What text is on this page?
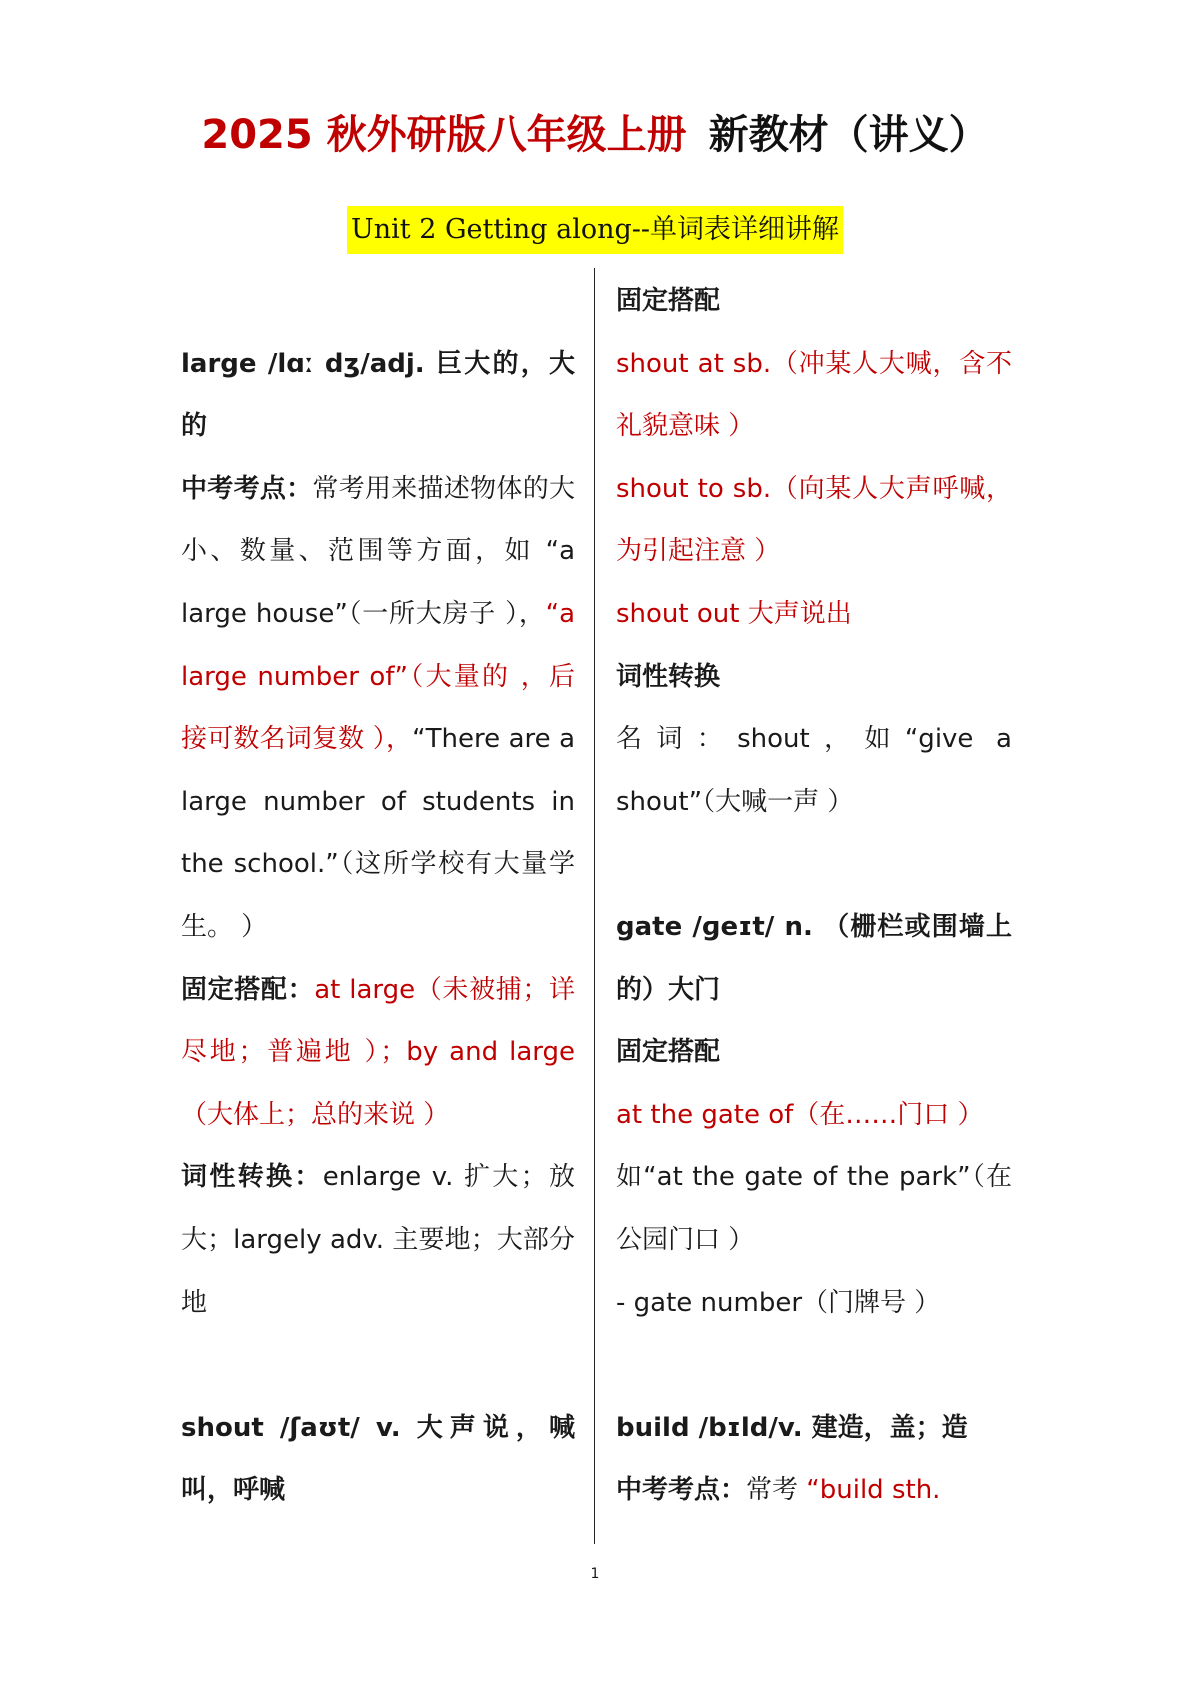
2025 秋外研版八年级上册 新教材（讲义）
Unit 2 Getting along--单词表详细讲解

large /lɑː dʒ/adj. 巨大的，大的

中考考点：常考用来描述物体的大小、数量、范围等方面，如 “a large house”（一所大房子 ），“a large number of”（大量的 ，后接可数名词复数 ），“There are a large number of students in the school.”（这所学校有大量学生。 ）

固定搭配：at large（未被捕；详尽地；普遍地 ）；by and large（大体上；总的来说 ）

词性转换：enlarge v. 扩大；放大；largely adv. 主要地；大部分地

shout /ʃaʊt/ v. 大声说，喊叫，呼喊

固定搭配

shout at sb.（冲某人大喊，含不礼貌意味 ）

shout to sb.（向某人大声呼喊，为引起注意 ）

shout out 大声说出

词性转换

名词：shout，如“give a shout”（大喊一声 ）

gate /ɡeɪt/ n. （栅栏或围墙上的）大门

固定搭配

at the gate of（在……门口 ）

如“at the gate of the park”（在公园门口 ）

- gate number（门牌号 ）

build /bɪld/v. 建造，盖；造

中考考点：常考 “build sth.

1
